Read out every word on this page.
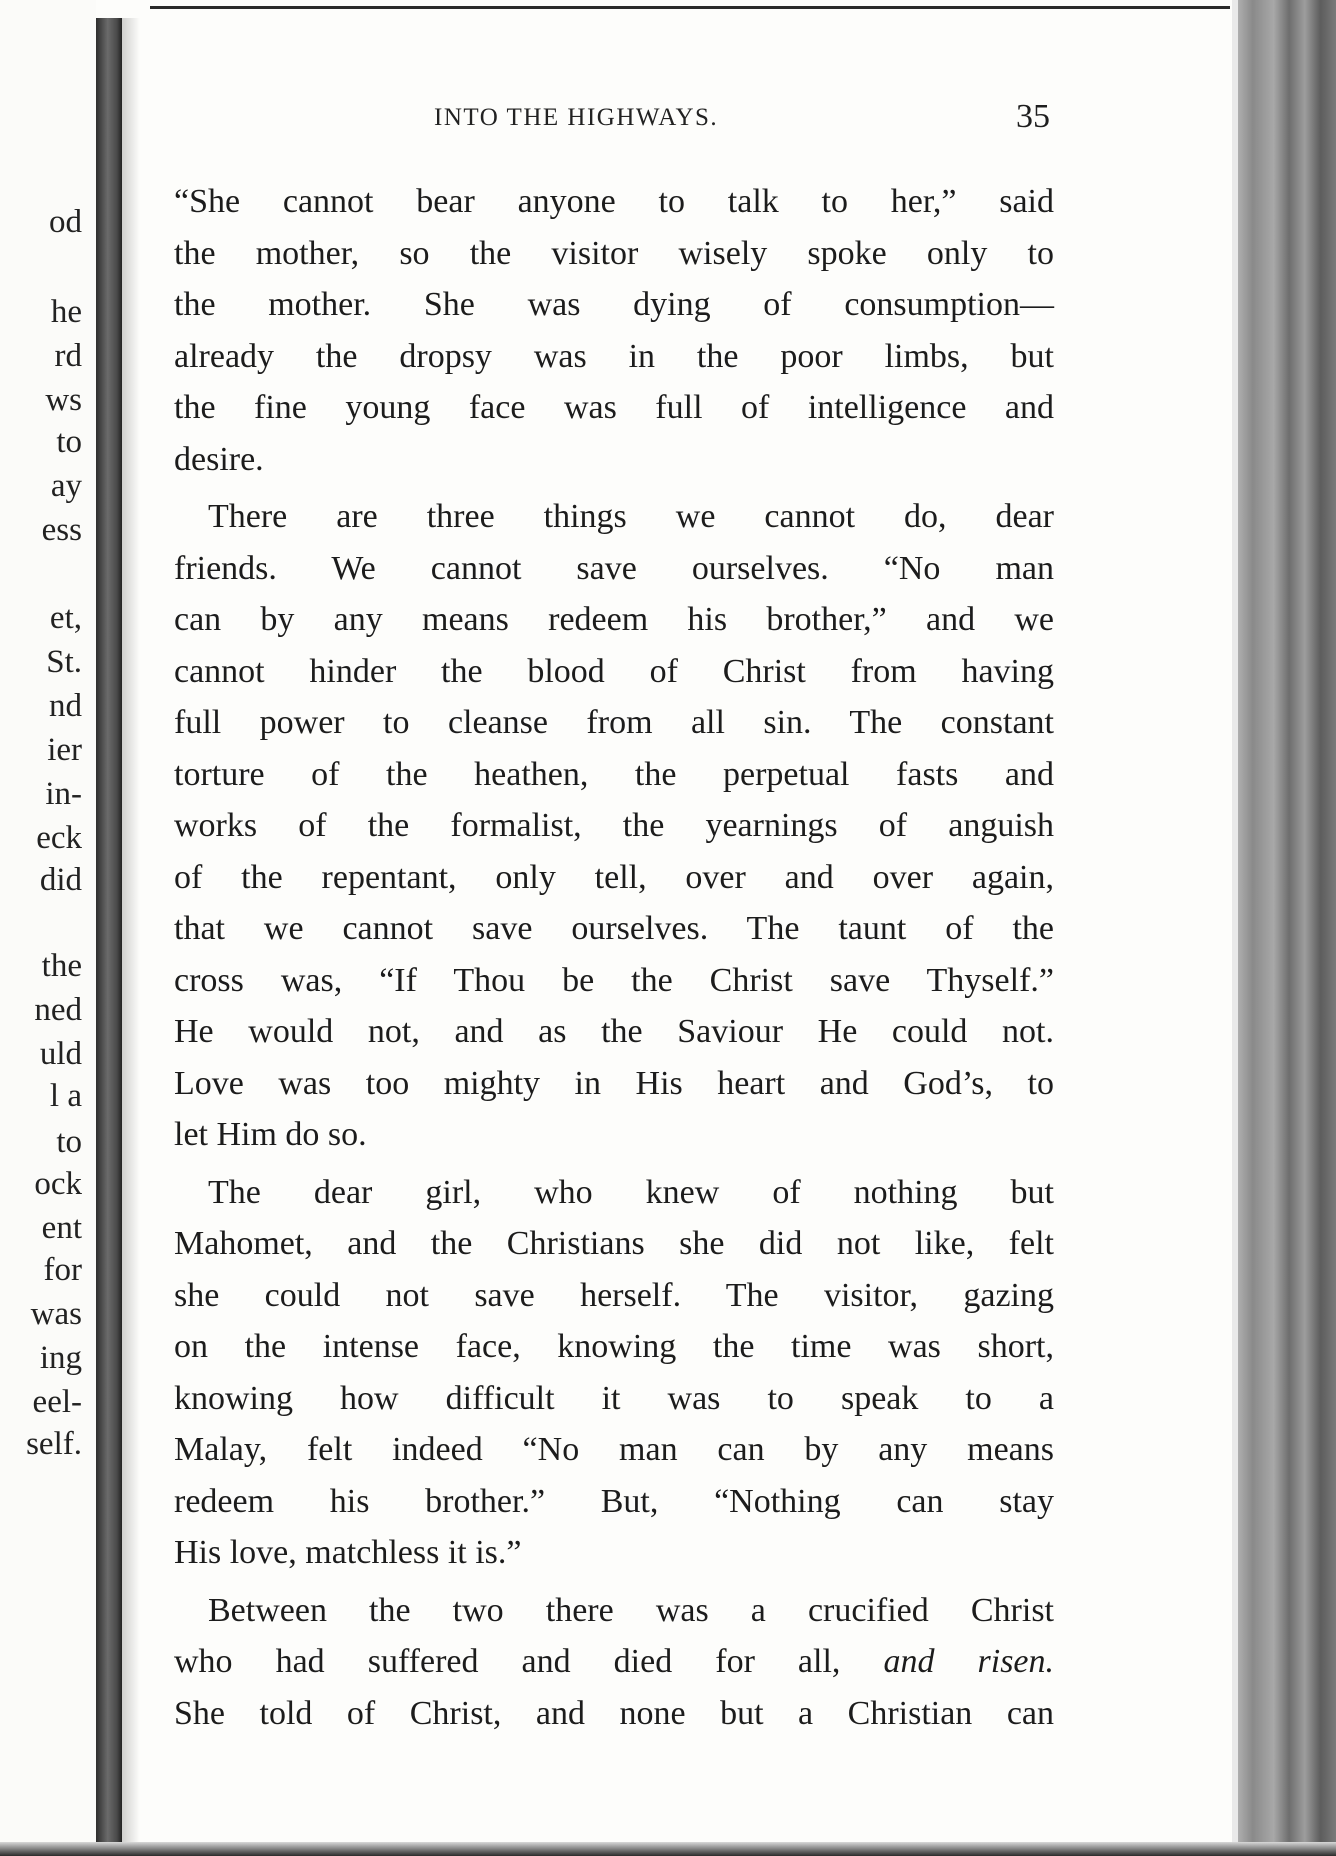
od
he
rd
ws
to
ay
ess
et,
St.
nd
ier
in-
eck
did
the
ned
uld
l a
to
ock
ent
for
was
ing
eel-
self.
INTO THE HIGHWAYS.	35
“She cannot bear anyone to talk to her,” said
the mother, so the visitor wisely spoke only to
the mother. She was dying of consumption—
already the dropsy was in the poor limbs, but
the fine young face was full of intelligence and
desire.
There are three things we cannot do, dear
friends. We cannot save ourselves. “No man
can by any means redeem his brother,” and we
cannot hinder the blood of Christ from having
full power to cleanse from all sin. The constant
torture of the heathen, the perpetual fasts and
works of the formalist, the yearnings of anguish
of the repentant, only tell, over and over again,
that we cannot save ourselves. The taunt of the
cross was, “If Thou be the Christ save Thyself.”
He would not, and as the Saviour He could not.
Love was too mighty in His heart and God’s, to
let Him do so.
The dear girl, who knew of nothing but
Mahomet, and the Christians she did not like, felt
she could not save herself. The visitor, gazing
on the intense face, knowing the time was short,
knowing how difficult it was to speak to a
Malay, felt indeed “No man can by any means
redeem his brother.” But, “Nothing can stay
His love, matchless it is.”
Between the two there was a crucified Christ
who had suffered and died for all, and risen.
She told of Christ, and none but a Christian can
